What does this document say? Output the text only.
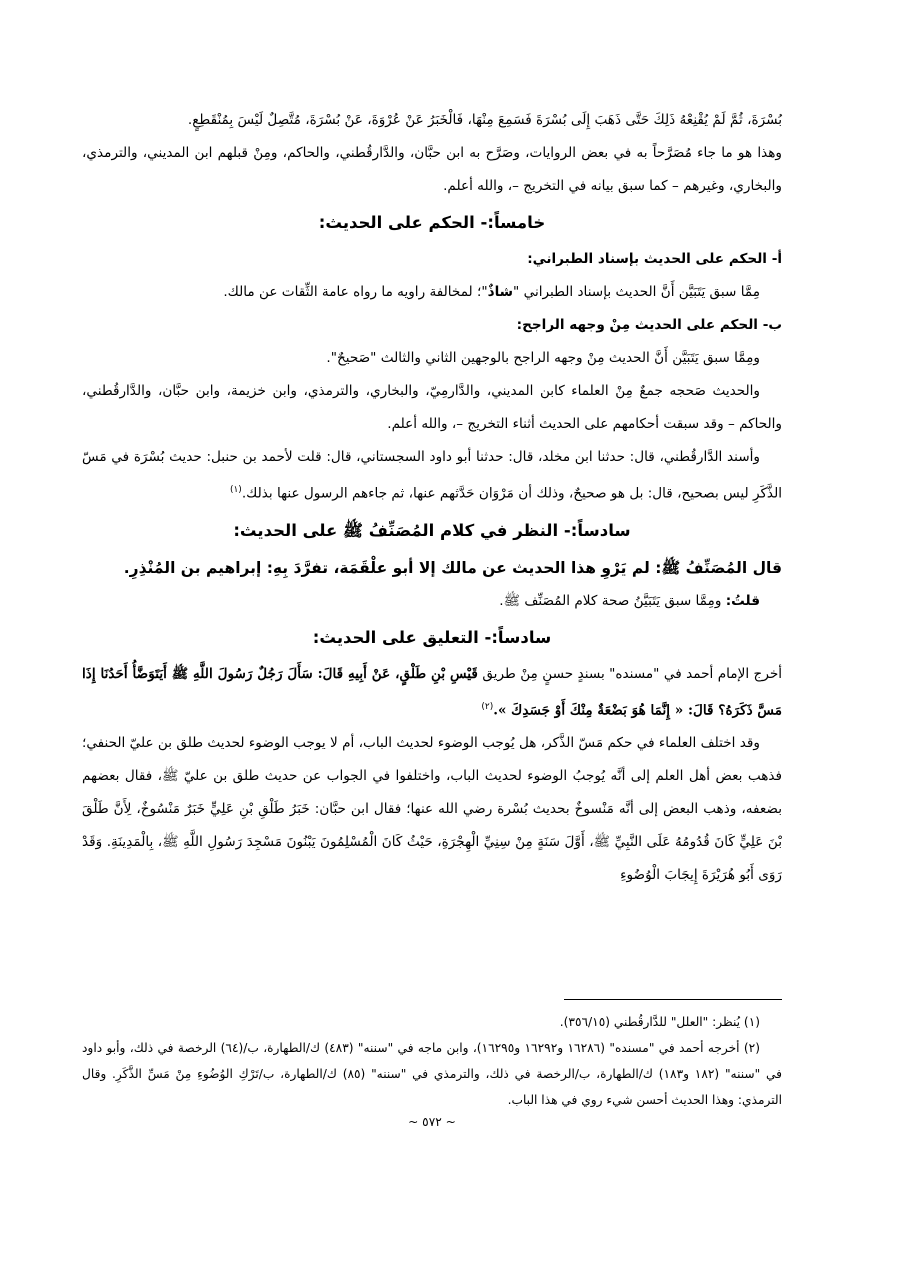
بُسْرَةَ، ثُمَّ لَمْ يُقْنِعْهُ ذَلِكَ حَتَّى ذَهَبَ إِلَى بُسْرَةَ فَسَمِعَ مِنْهَا، فَالْخَبَرُ عَنْ عُرْوَةَ، عَنْ بُسْرَةَ، مُتَّصِلٌ لَيْسَ بِمُنْقَطِعٍ.

وهذا هو ما جاء مُصَرَّحاً به في بعض الروايات، وصَرَّح به ابن حبَّان، والدَّارقُطني، والحاكم، ومِنْ قبلهم ابن المديني، والترمذي، والبخاري، وغيرهم – كما سبق بيانه في التخريج –، والله أعلم.

خامساً:- الحكم على الحديث:

أ- الحكم على الحديث بإسناد الطبراني:

مِمَّا سبق يَتَبَيَّن أَنَّ الحديث بإسناد الطبراني "شاذٌ"؛ لمخالفة راويه ما رواه عامة الثِّقات عن مالك.

ب- الحكم على الحديث مِنْ وجهه الراجح:

ومِمَّا سبق يَتَبَيَّن أَنَّ الحديث مِنْ وجهه الراجح بالوجهين الثاني والثالث "صَحيحٌ".

والحديث صَحجه جمعٌ مِنْ العلماء كابن المديني، والدَّارمِيّ، والبخاري، والترمذي، وابن خزيمة، وابن حبَّان، والدَّارقُطني، والحاكم – وقد سبقت أحكامهم على الحديث أثناء التخريج –، والله أعلم.

وأسند الدَّارقُطني، قال: حدثنا ابن مخلد، قال: حدثنا أبو داود السجستاني، قال: قلت لأحمد بن حنبل: حديث بُسْرَة في مَسّ الذَّكَرِ ليس بصحيح، قال: بل هو صحيحٌ، وذلك أن مَرْوَان حَدَّثهم عنها، ثم جاءهم الرسول عنها بذلك.$^{(١)}$

سادساً:- النظر في كلام المُصَنِّفُ ﷺ على الحديث:

قال المُصَنِّفُ ﷺ: لم يَرْوِ هذا الحديث عن مالك إلا أبو علْقَمَة، تفرَّدَ بِهِ: إبراهيم بن المُنْذِرِ.

قلتُ: ومِمَّا سبق يَتَبَيَّنُ صحة كلام المُصَنِّف ﷺ.

سادساً:- التعليق على الحديث:

أخرج الإمام أحمد في "مسنده" بسندٍ حسنٍ مِنْ طريق قَيْسِ بْنِ طَلْقٍ، عَنْ أَبِيهِ قَالَ: سَأَلَ رَجُلٌ رَسُولَ اللَّهِ ﷺ أَيَتَوَضَّأُ أَحَدُنَا إِذَا مَسَّ ذَكَرَهُ؟ قَالَ: « إِنَّمَا هُوَ بَضْعَةٌ مِنْكَ أَوْ جَسَدِكَ ».$^{(٢)}$

وقد اختلف العلماء في حكم مَسّ الذَّكر، هل يُوجب الوضوء لحديث الباب، أم لا يوجب الوضوء لحديث طلق بن عليّ الحنفي؛ فذهب بعض أهل العلم إلى أنَّه يُوجبُ الوضوء لحديث الباب، واختلفوا في الجواب عن حديث طلق بن عليّ ﷺ، فقال بعضهم بضعفه، وذهب البعض إلى أنَّه مَنْسوخٌ بحديث بُسْرة رضي الله عنها؛ فقال ابن حبَّان: خَبَرُ طَلْقِ بْنِ عَلِيٍّ خَبَرٌ مَنْسُوخٌ، لِأَنَّ طَلْقَ بْنَ عَلِيٍّ كَانَ قُدُومُهُ عَلَى النَّبِيِّ ﷺ، أَوَّلَ سَنَةٍ مِنْ سِنِيِّ الْهِجْرَةِ، حَيْثُ كَانَ الْمُسْلِمُونَ يَبْنُونَ مَسْجِدَ رَسُولِ اللَّهِ ﷺ، بِالْمَدِينَةِ. وَقَدْ رَوَى أَبُو هُرَيْرَةَ إِيجَابَ الْوُضُوءِ

(١) يُنظر: "العلل" للدَّارقُطني (٣٥٦/١٥).

(٢) أخرجه أحمد في "مسنده" (١٦٢٨٦ و١٦٢٩٢ و١٦٢٩٥)، وابن ماجه في "سننه" (٤٨٣) ك/الطهارة، ب/(٦٤) الرخصة في ذلك، وأبو داود في "سننه" (١٨٢ و١٨٣) ك/الطهارة، ب/الرخصة في ذلك، والترمذي في "سننه" (٨٥) ك/الطهارة، ب/تَرْكِ الوُضُوءِ مِنْ مَسِّ الذَّكَرِ. وقال الترمذي: وهذا الحديث أحسن شيء روي في هذا الباب.

~ ٥٧٢ ~
